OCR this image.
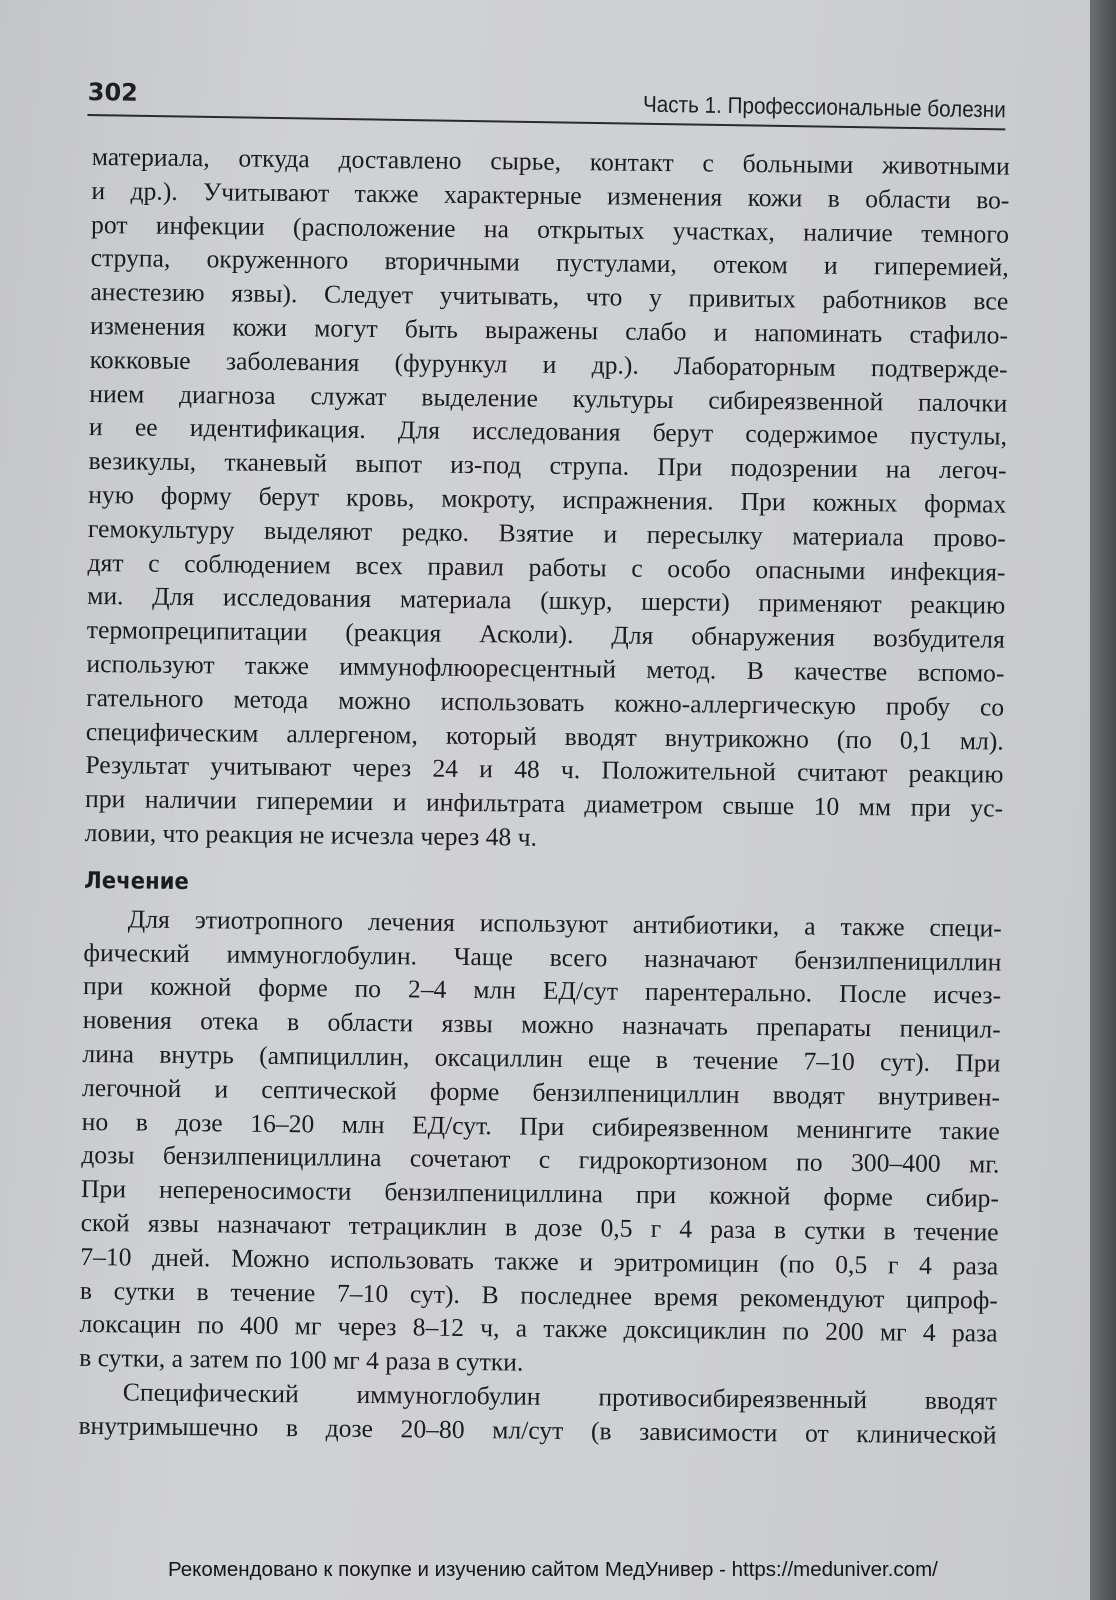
302	Часть 1. Профессиональные болезни
материала, откуда доставлено сырье, контакт с больными животными
и др.). Учитывают также характерные изменения кожи в области во-
рот инфекции (расположение на открытых участках, наличие темного
струпа, окруженного вторичными пустулами, отеком и гиперемией,
анестезию язвы). Следует учитывать, что у привитых работников все
изменения кожи могут быть выражены слабо и напоминать стафило-
кокковые заболевания (фурункул и др.). Лабораторным подтвержде-
нием диагноза служат выделение культуры сибиреязвенной палочки
и ее идентификация. Для исследования берут содержимое пустулы,
везикулы, тканевый выпот из-под струпа. При подозрении на легоч-
ную форму берут кровь, мокроту, испражнения. При кожных формах
гемокультуру выделяют редко. Взятие и пересылку материала прово-
дят с соблюдением всех правил работы с особо опасными инфекция-
ми. Для исследования материала (шкур, шерсти) применяют реакцию
термопреципитации (реакция Асколи). Для обнаружения возбудителя
используют также иммунофлюоресцентный метод. В качестве вспомо-
гательного метода можно использовать кожно-аллергическую пробу со
специфическим аллергеном, который вводят внутрикожно (по 0,1 мл).
Результат учитывают через 24 и 48 ч. Положительной считают реакцию
при наличии гиперемии и инфильтрата диаметром свыше 10 мм при ус-
ловии, что реакция не исчезла через 48 ч.
Лечение
Для этиотропного лечения используют антибиотики, а также специ-
фический иммуноглобулин. Чаще всего назначают бензилпенициллин
при кожной форме по 2–4 млн ЕД/сут парентерально. После исчез-
новения отека в области язвы можно назначать препараты пеницил-
лина внутрь (ампициллин, оксациллин еще в течение 7–10 сут). При
легочной и септической форме бензилпенициллин вводят внутривен-
но в дозе 16–20 млн ЕД/сут. При сибиреязвенном менингите такие
дозы бензилпенициллина сочетают с гидрокортизоном по 300–400 мг.
При непереносимости бензилпенициллина при кожной форме сибир-
ской язвы назначают тетрациклин в дозе 0,5 г 4 раза в сутки в течение
7–10 дней. Можно использовать также и эритромицин (по 0,5 г 4 раза
в сутки в течение 7–10 сут). В последнее время рекомендуют ципроф-
локсацин по 400 мг через 8–12 ч, а также доксициклин по 200 мг 4 раза
в сутки, а затем по 100 мг 4 раза в сутки.
Специфический иммуноглобулин противосибиреязвенный вводят
внутримышечно в дозе 20–80 мл/сут (в зависимости от клинической
Рекомендовано к покупке и изучению сайтом МедУнивер - https://meduniver.com/
